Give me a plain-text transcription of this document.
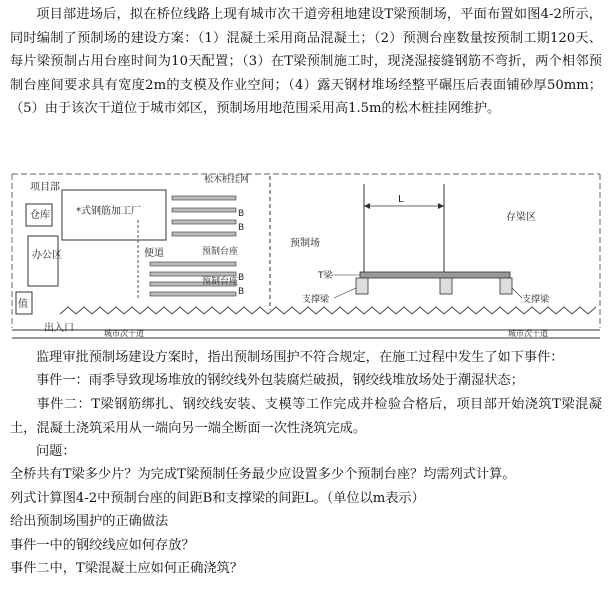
项目部进场后，拟在桥位线路上现有城市次干道旁租地建设T梁预制场，平面布置如图4-2所示，同时编制了预制场的建设方案：（1）混凝土采用商品混凝土；（2）预测台座数量按预制工期120天、每片梁预制占用台座时间为10天配置；（3）在T梁预制施工时，现浇湿接缝钢筋不弯折，两个相邻预制台座间要求具有宽度2m的支模及作业空间；（4）露天钢材堆场经整平碾压后表面铺砂厚50mm；（5）由于该次干道位于城市郊区，预制场用地范围采用高1.5m的松木桩挂网维护。

项目部
仓库
办公区
值
出入口
*式钢筋加工厂
便道
松木桩挂网
B
B
预制台座
B
B
预制台座
预制场
L
T梁
支撑梁	支撑梁
存梁区
城市次干道	城市次干道

监理审批预制场建设方案时，指出预制场围护不符合规定，在施工过程中发生了如下事件：

事件一：雨季导致现场堆放的钢绞线外包装腐烂破损，钢绞线堆放场处于潮湿状态；

事件二：T梁钢筋绑扎、钢绞线安装、支模等工作完成并检验合格后，项目部开始浇筑T梁混凝土，混凝土浇筑采用从一端向另一端全断面一次性浇筑完成。

问题：

全桥共有T梁多少片？为完成T梁预制任务最少应设置多少个预制台座？均需列式计算。

列式计算图4-2中预制台座的间距B和支撑梁的间距L。（单位以m表示）

给出预制场围护的正确做法

事件一中的钢绞线应如何存放？

事件二中，T梁混凝土应如何正确浇筑？
